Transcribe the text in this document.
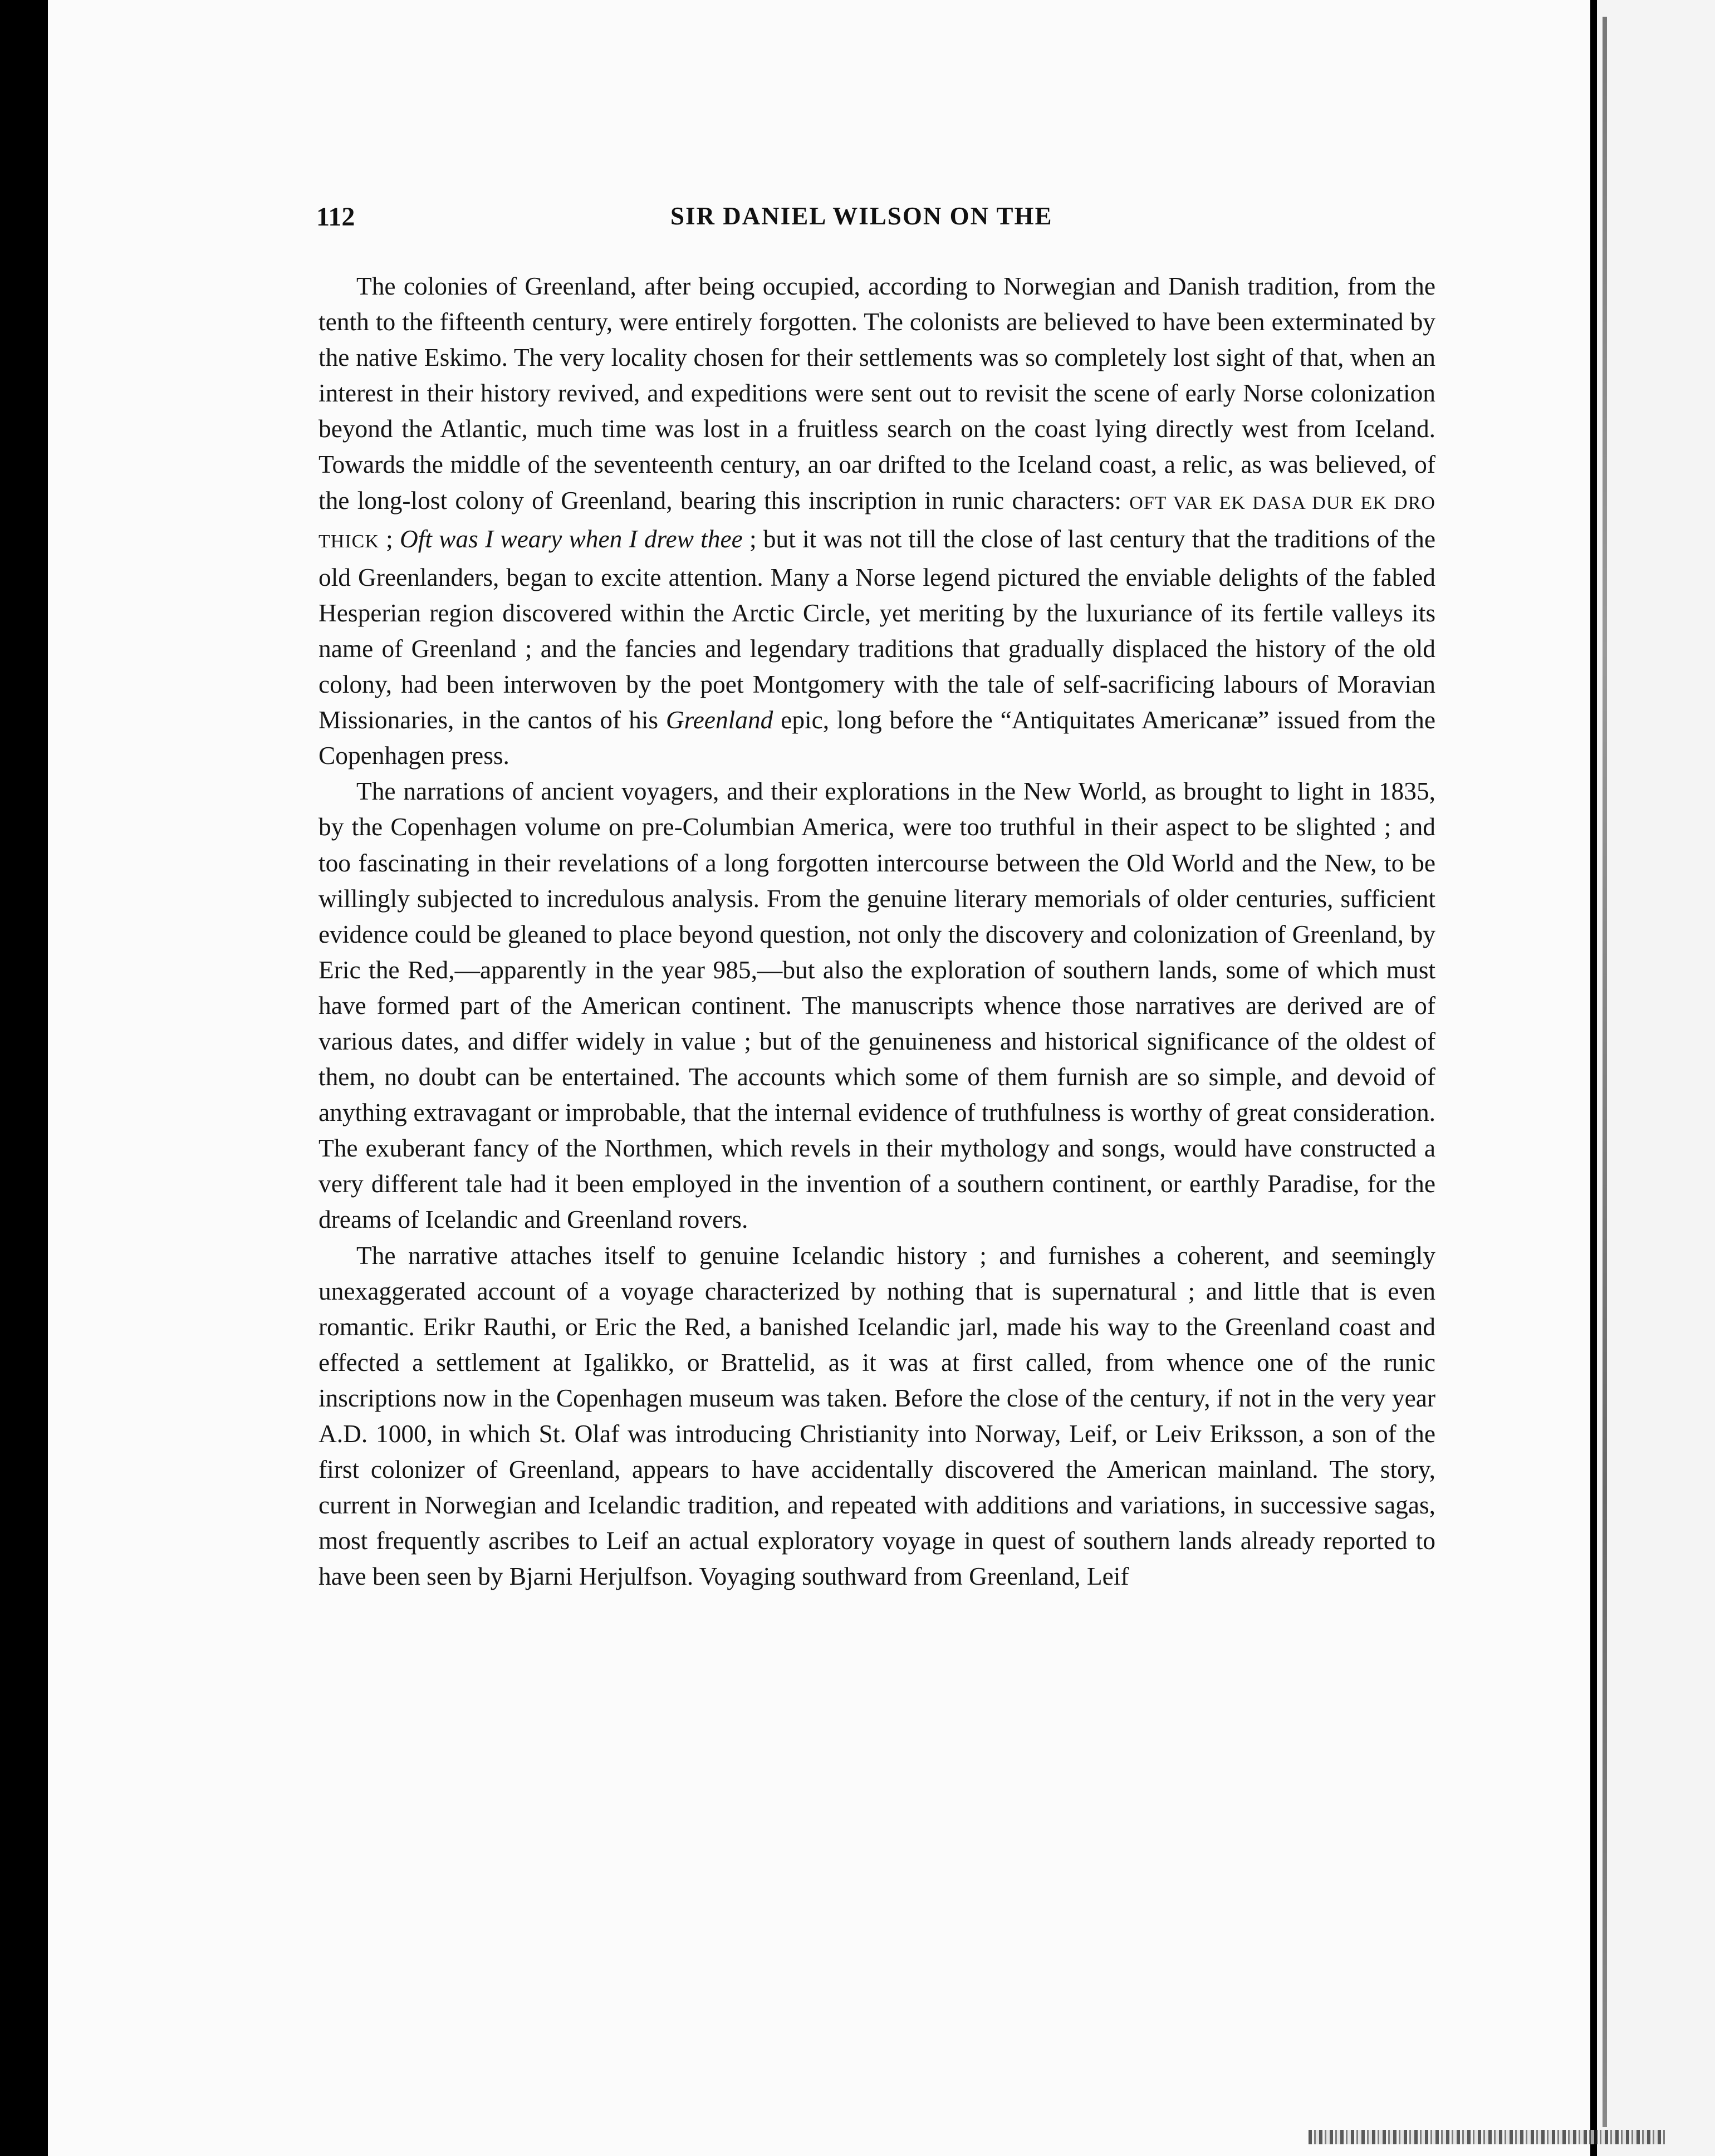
112	SIR DANIEL WILSON ON THE

The colonies of Greenland, after being occupied, according to Norwegian and Danish tradition, from the tenth to the fifteenth century, were entirely forgotten. The colonists are believed to have been exterminated by the native Eskimo. The very locality chosen for their settlements was so completely lost sight of that, when an interest in their history revived, and expeditions were sent out to revisit the scene of early Norse colonization beyond the Atlantic, much time was lost in a fruitless search on the coast lying directly west from Iceland. Towards the middle of the seventeenth century, an oar drifted to the Iceland coast, a relic, as was believed, of the long-lost colony of Greenland, bearing this inscription in runic characters: OFT VAR EK DASA DUR EK DRO THICK ; Oft was I weary when I drew thee ; but it was not till the close of last century that the traditions of the old Greenlanders, began to excite attention. Many a Norse legend pictured the enviable delights of the fabled Hesperian region discovered within the Arctic Circle, yet meriting by the luxuriance of its fertile valleys its name of Greenland ; and the fancies and legendary traditions that gradually displaced the history of the old colony, had been interwoven by the poet Montgomery with the tale of self-sacrificing labours of Moravian Missionaries, in the cantos of his Greenland epic, long before the “Antiquitates Americanæ” issued from the Copenhagen press.

The narrations of ancient voyagers, and their explorations in the New World, as brought to light in 1835, by the Copenhagen volume on pre-Columbian America, were too truthful in their aspect to be slighted ; and too fascinating in their revelations of a long forgotten intercourse between the Old World and the New, to be willingly subjected to incredulous analysis. From the genuine literary memorials of older centuries, sufficient evidence could be gleaned to place beyond question, not only the discovery and colonization of Greenland, by Eric the Red,—apparently in the year 985,—but also the exploration of southern lands, some of which must have formed part of the American continent. The manuscripts whence those narratives are derived are of various dates, and differ widely in value ; but of the genuineness and historical significance of the oldest of them, no doubt can be entertained. The accounts which some of them furnish are so simple, and devoid of anything extravagant or improbable, that the internal evidence of truthfulness is worthy of great consideration. The exuberant fancy of the Northmen, which revels in their mythology and songs, would have constructed a very different tale had it been employed in the invention of a southern continent, or earthly Paradise, for the dreams of Icelandic and Greenland rovers.

The narrative attaches itself to genuine Icelandic history ; and furnishes a coherent, and seemingly unexaggerated account of a voyage characterized by nothing that is supernatural ; and little that is even romantic. Erikr Rauthi, or Eric the Red, a banished Icelandic jarl, made his way to the Greenland coast and effected a settlement at Igalikko, or Brattelid, as it was at first called, from whence one of the runic inscriptions now in the Copenhagen museum was taken. Before the close of the century, if not in the very year A.D. 1000, in which St. Olaf was introducing Christianity into Norway, Leif, or Leiv Eriksson, a son of the first colonizer of Greenland, appears to have accidentally discovered the American mainland. The story, current in Norwegian and Icelandic tradition, and repeated with additions and variations, in successive sagas, most frequently ascribes to Leif an actual exploratory voyage in quest of southern lands already reported to have been seen by Bjarni Herjulfson. Voyaging southward from Greenland, Leif
